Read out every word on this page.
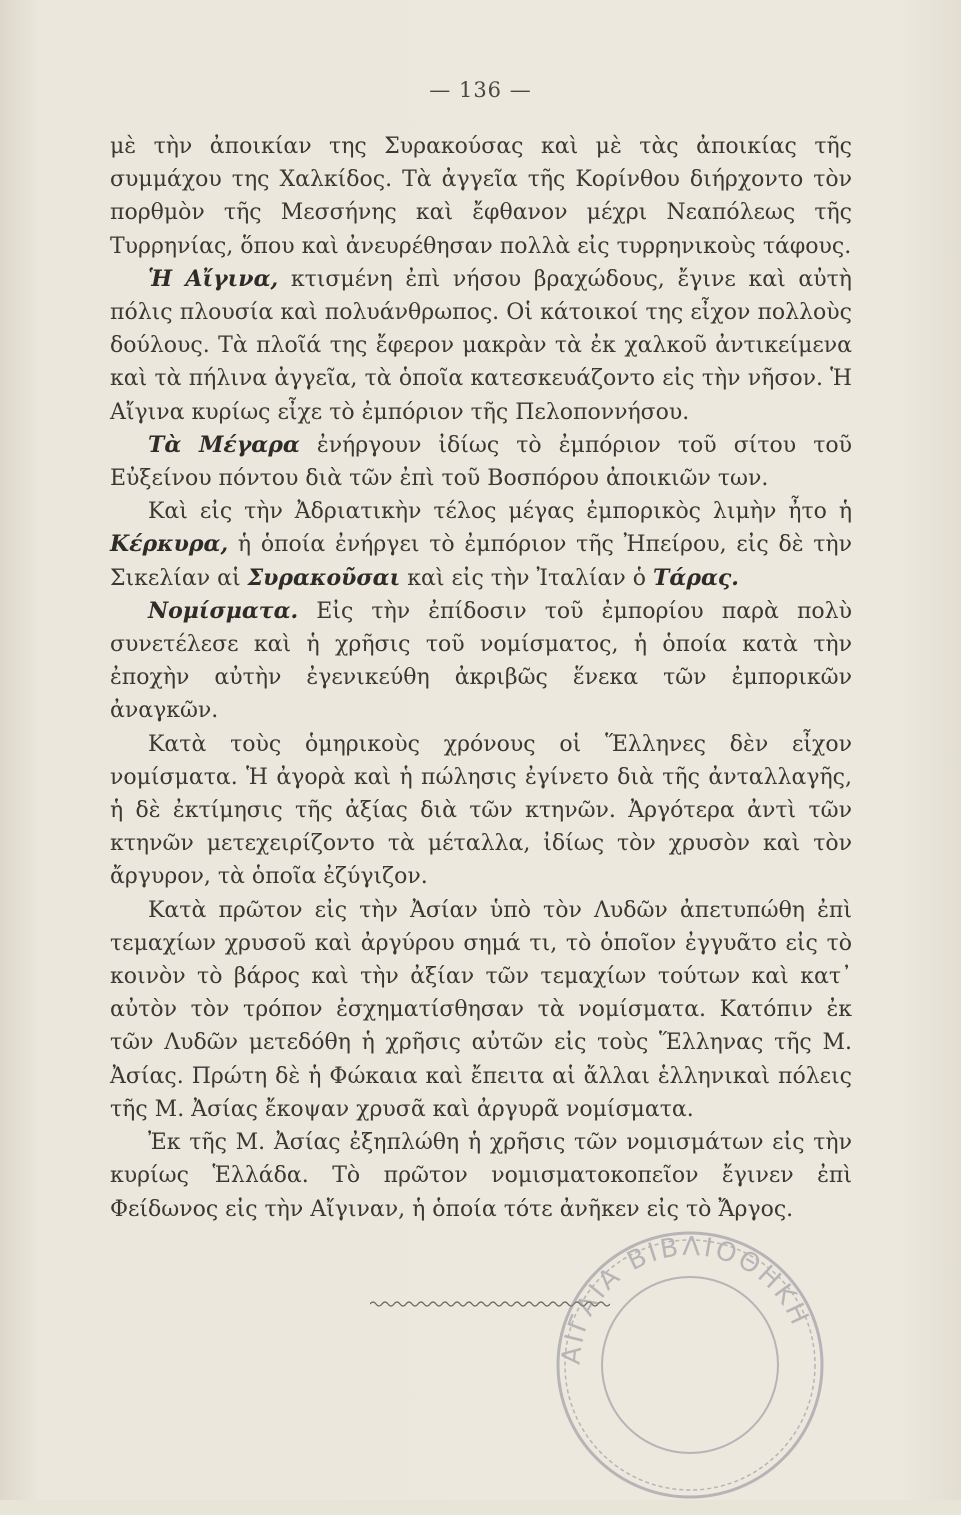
— 136 —

μὲ τὴν ἀποικίαν της Συρακούσας καὶ μὲ τὰς ἀποικίας τῆς συμμάχου της Χαλκίδος. Τὰ ἀγγεῖα τῆς Κορίνθου διήρχοντο τὸν πορθμὸν τῆς Μεσσήνης καὶ ἔφθανον μέχρι Νεαπόλεως τῆς Τυρρηνίας, ὅπου καὶ ἀνευρέθησαν πολλὰ εἰς τυρρηνικοὺς τάφους.

Ἡ Αἴγινα, κτισμένη ἐπὶ νήσου βραχώδους, ἔγινε καὶ αὐτὴ πόλις πλουσία καὶ πολυάνθρωπος. Οἱ κάτοικοί της εἶχον πολλοὺς δούλους. Τὰ πλοῖά της ἔφερον μακρὰν τὰ ἐκ χαλκοῦ ἀντικείμενα καὶ τὰ πήλινα ἀγγεῖα, τὰ ὁποῖα κατεσκευάζοντο εἰς τὴν νῆσον. Ἡ Αἴγινα κυρίως εἶχε τὸ ἐμπόριον τῆς Πελοποννήσου.

Τὰ Μέγαρα ἐνήργουν ἰδίως τὸ ἐμπόριον τοῦ σίτου τοῦ Εὐξείνου πόντου διὰ τῶν ἐπὶ τοῦ Βοσπόρου ἀποικιῶν των.

Καὶ εἰς τὴν Ἀδριατικὴν τέλος μέγας ἐμπορικὸς λιμὴν ἦτο ἡ Κέρκυρα, ἡ ὁποία ἐνήργει τὸ ἐμπόριον τῆς Ἠπείρου, εἰς δὲ τὴν Σικελίαν αἱ Συρακοῦσαι καὶ εἰς τὴν Ἰταλίαν ὁ Τάρας.

Νομίσματα. Εἰς τὴν ἐπίδοσιν τοῦ ἐμπορίου παρὰ πολὺ συνετέλεσε καὶ ἡ χρῆσις τοῦ νομίσματος, ἡ ὁποία κατὰ τὴν ἐποχὴν αὐτὴν ἐγενικεύθη ἀκριβῶς ἕνεκα τῶν ἐμπορικῶν ἀναγκῶν.

Κατὰ τοὺς ὁμηρικοὺς χρόνους οἱ Ἕλληνες δὲν εἶχον νομίσματα. Ἡ ἀγορὰ καὶ ἡ πώλησις ἐγίνετο διὰ τῆς ἀνταλλαγῆς, ἡ δὲ ἐκτίμησις τῆς ἀξίας διὰ τῶν κτηνῶν. Ἀργότερα ἀντὶ τῶν κτηνῶν μετεχειρίζοντο τὰ μέταλλα, ἰδίως τὸν χρυσὸν καὶ τὸν ἄργυρον, τὰ ὁποῖα ἐζύγιζον.

Κατὰ πρῶτον εἰς τὴν Ἀσίαν ὑπὸ τὸν Λυδῶν ἀπετυπώθη ἐπὶ τεμαχίων χρυσοῦ καὶ ἀργύρου σημά τι, τὸ ὁποῖον ἐγγυᾶτο εἰς τὸ κοινὸν τὸ βάρος καὶ τὴν ἀξίαν τῶν τεμαχίων τούτων καὶ κατ᾿ αὐτὸν τὸν τρόπον ἐσχηματίσθησαν τὰ νομίσματα. Κατόπιν ἐκ τῶν Λυδῶν μετεδόθη ἡ χρῆσις αὐτῶν εἰς τοὺς Ἕλληνας τῆς Μ. Ἀσίας. Πρώτη δὲ ἡ Φώκαια καὶ ἔπειτα αἱ ἄλλαι ἑλληνικαὶ πόλεις τῆς Μ. Ἀσίας ἔκοψαν χρυσᾶ καὶ ἀργυρᾶ νομίσματα.

Ἐκ τῆς Μ. Ἀσίας ἐξηπλώθη ἡ χρῆσις τῶν νομισμάτων εἰς τὴν κυρίως Ἑλλάδα. Τὸ πρῶτον νομισματοκοπεῖον ἔγινεν ἐπὶ Φείδωνος εἰς τὴν Αἴγιναν, ἡ ὁποία τότε ἀνῆκεν εἰς τὸ Ἄργος.

ΑΙΓΑΙΑ ΒΙΒΛΙΟΘΗΚΗ
